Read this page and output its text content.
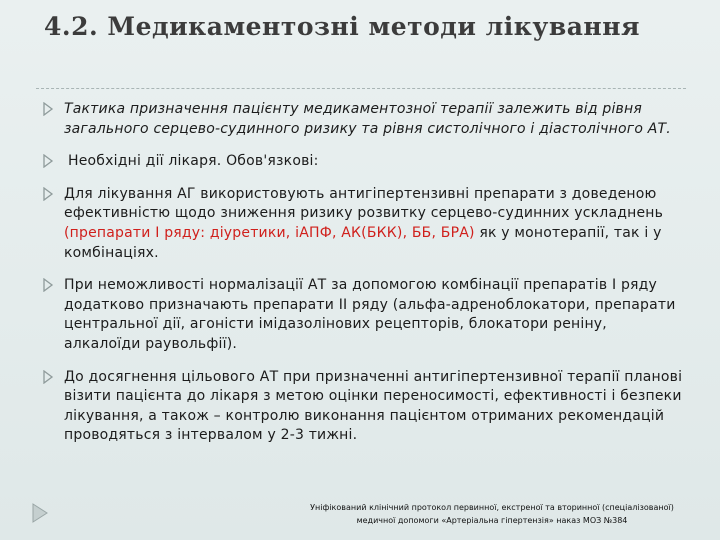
4.2. Медикаментозні методи лікування
Тактика призначення пацієнту медикаментозної терапії залежить від рівня загального серцево-судинного ризику та рівня систолічного і діастолічного АТ.
Необхідні дії лікаря. Обов'язкові:
Для лікування АГ використовують антигіпертензивні препарати з доведеною ефективністю щодо зниження ризику розвитку серцево-судинних ускладнень (препарати I ряду: діуретики, іАПФ, АК(БКК), ББ, БРА) як у монотерапії, так і у комбінаціях.
При неможливості нормалізації АТ за допомогою комбінації препаратів І ряду додатково призначають препарати ІІ ряду (альфа-адреноблокатори, препарати центральної дії, агоністи імідазолінових рецепторів, блокатори реніну, алкалоїди раувольфії).
До досягнення цільового АТ при призначенні антигіпертензивної терапії планові візити пацієнта до лікаря з метою оцінки переносимості, ефективності і безпеки лікування, а також – контролю виконання пацієнтом отриманих рекомендацій проводяться з інтервалом у 2-3 тижні.
Уніфікований клінічний протокол первинної, екстреної та вторинної (спеціалізованої)
медичної допомоги «Артеріальна гіпертензія» наказ МОЗ №384
